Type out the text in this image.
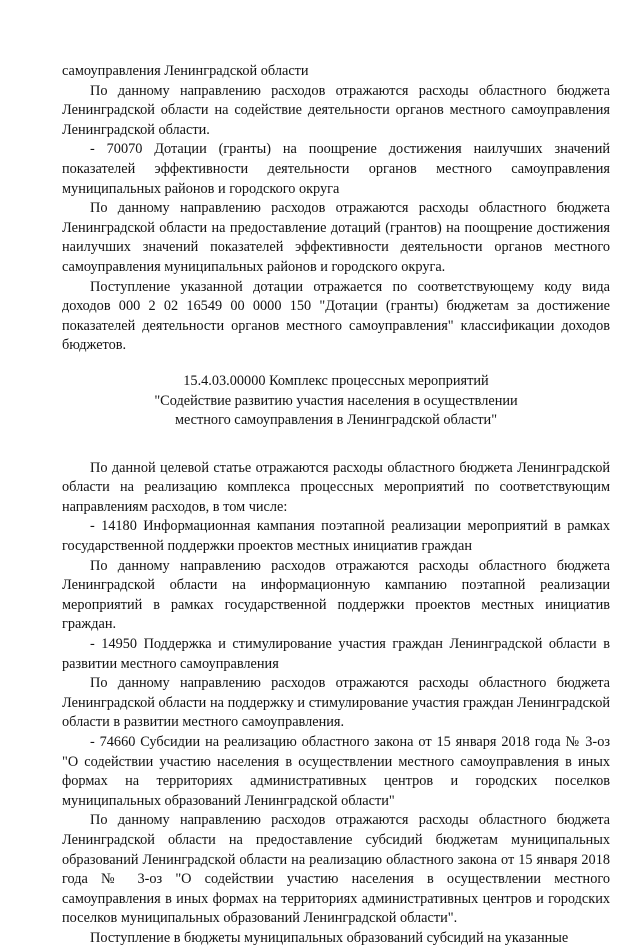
самоуправления Ленинградской области

По данному направлению расходов отражаются расходы областного бюджета Ленинградской области на содействие деятельности органов местного самоуправления Ленинградской области.

- 70070 Дотации (гранты) на поощрение достижения наилучших значений показателей эффективности деятельности органов местного самоуправления муниципальных районов и городского округа

По данному направлению расходов отражаются расходы областного бюджета Ленинградской области на предоставление дотаций (грантов) на поощрение достижения наилучших значений показателей эффективности деятельности органов местного самоуправления муниципальных районов и городского округа.

Поступление указанной дотации отражается по соответствующему коду вида доходов 000 2 02 16549 00 0000 150 "Дотации (гранты) бюджетам за достижение показателей деятельности органов местного самоуправления" классификации доходов бюджетов.

15.4.03.00000 Комплекс процессных мероприятий
"Содействие развитию участия населения в осуществлении
местного самоуправления в Ленинградской области"

По данной целевой статье отражаются расходы областного бюджета Ленинградской области на реализацию комплекса процессных мероприятий по соответствующим направлениям расходов, в том числе:

- 14180 Информационная кампания поэтапной реализации мероприятий в рамках государственной поддержки проектов местных инициатив граждан

По данному направлению расходов отражаются расходы областного бюджета Ленинградской области на информационную кампанию поэтапной реализации мероприятий в рамках государственной поддержки проектов местных инициатив граждан.

- 14950 Поддержка и стимулирование участия граждан Ленинградской области в развитии местного самоуправления

По данному направлению расходов отражаются расходы областного бюджета Ленинградской области на поддержку и стимулирование участия граждан Ленинградской области в развитии местного самоуправления.

- 74660 Субсидии на реализацию областного закона от 15 января 2018 года № 3-оз "О содействии участию населения в осуществлении местного самоуправления в иных формах на территориях административных центров и городских поселков муниципальных образований Ленинградской области"

По данному направлению расходов отражаются расходы областного бюджета Ленинградской области на предоставление субсидий бюджетам муниципальных образований Ленинградской области на реализацию областного закона от 15 января 2018 года № 3-оз "О содействии участию населения в осуществлении местного самоуправления в иных формах на территориях административных центров и городских поселков муниципальных образований Ленинградской области".

Поступление в бюджеты муниципальных образований субсидий на указанные
